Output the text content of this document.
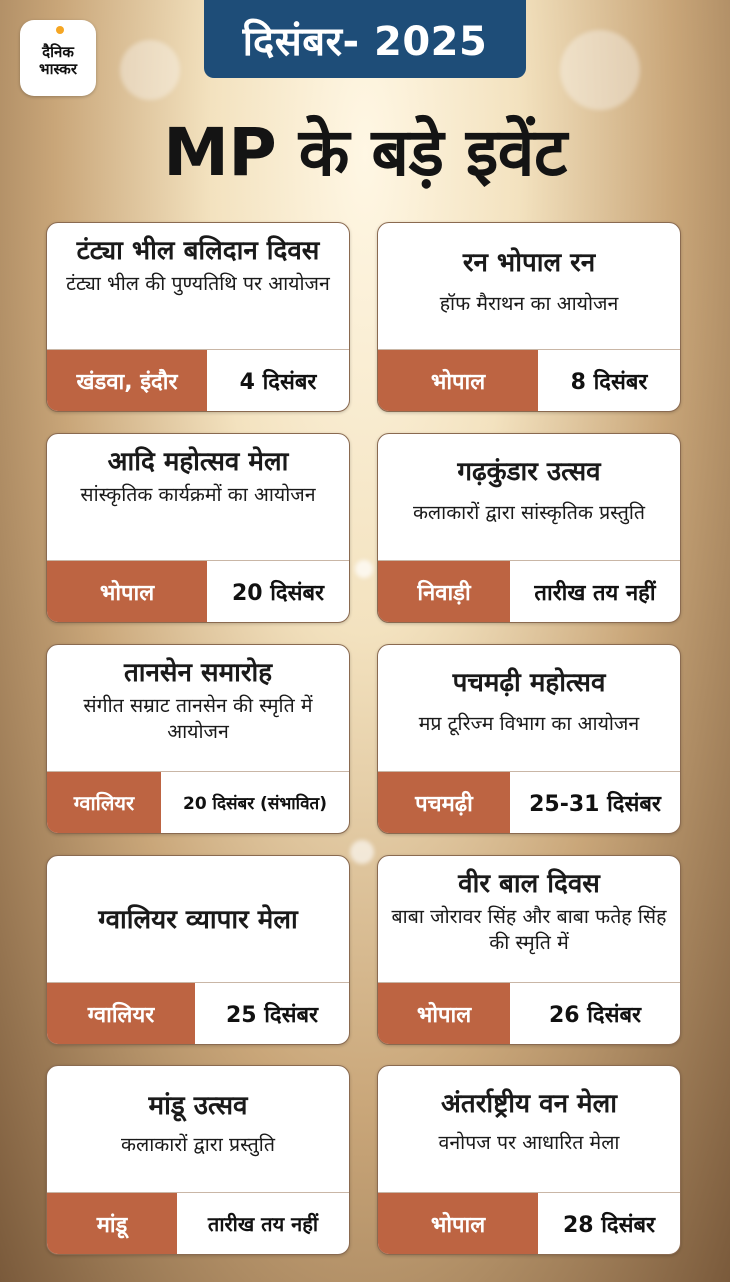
दैनिक
भास्कर
दिसंबर- 2025
MP के बड़े इवेंट
टंट्या भील बलिदान दिवस
टंट्या भील की पुण्यतिथि पर आयोजन
खंडवा, इंदौर	4 दिसंबर
रन भोपाल रन
हॉफ मैराथन का आयोजन
भोपाल	8 दिसंबर
आदि महोत्सव मेला
सांस्कृतिक कार्यक्रमों का आयोजन
भोपाल	20 दिसंबर
गढ़कुंडार उत्सव
कलाकारों द्वारा सांस्कृतिक प्रस्तुति
निवाड़ी	तारीख तय नहीं
तानसेन समारोह
संगीत सम्राट तानसेन की स्मृति में आयोजन
ग्वालियर	20 दिसंबर (संभावित)
पचमढ़ी महोत्सव
मप्र टूरिज्म विभाग का आयोजन
पचमढ़ी	25-31 दिसंबर
ग्वालियर व्यापार मेला
ग्वालियर	25 दिसंबर
वीर बाल दिवस
बाबा जोरावर सिंह और बाबा फतेह सिंह की स्मृति में
भोपाल	26 दिसंबर
मांडू उत्सव
कलाकारों द्वारा प्रस्तुति
मांडू	तारीख तय नहीं
अंतर्राष्ट्रीय वन मेला
वनोपज पर आधारित मेला
भोपाल	28 दिसंबर
